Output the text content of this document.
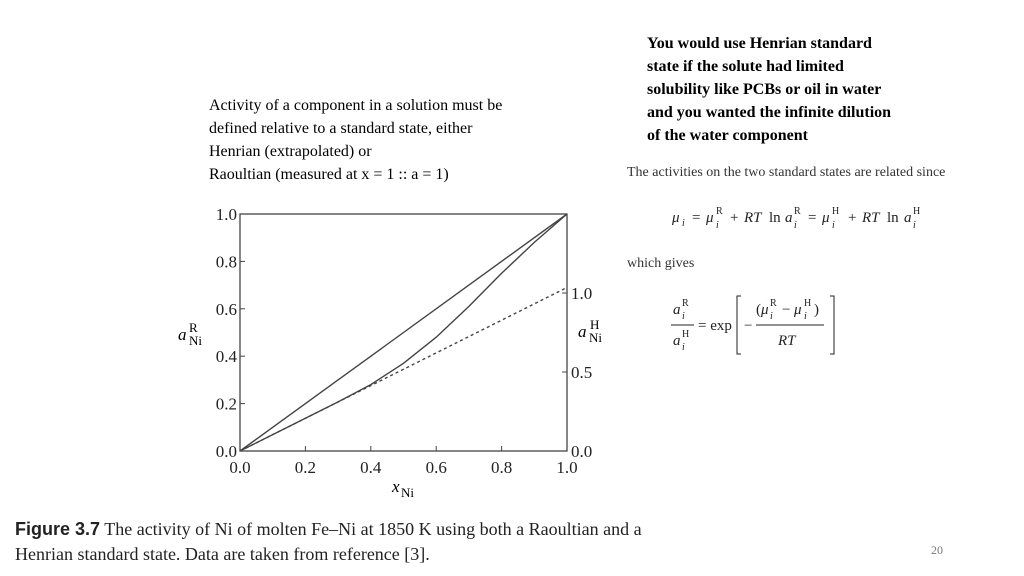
You would use Henrian standard
state if the solute had limited
solubility like PCBs or oil in water
and you wanted the infinite dilution
of the water component
Activity of a component in a solution must be
defined relative to a standard state, either
Henrian (extrapolated) or
Raoultian (measured at x = 1 :: a = 1)
0.0	0.2	0.4	0.6	0.8	1.0
0.0
0.2
0.4
0.6
0.8
1.0
0.0
0.5
1.0
a R
Ni	a H
Ni
x Ni
The activities on the two standard states are related since
μ i = μ R
i + RT ln a R
i = μ H
i + RT ln a H
i
which gives
a R
i
a H
i
= exp −
(μ R
i − μ H
i )
RT
Figure 3.7 The activity of Ni of molten Fe–Ni at 1850 K using both a Raoultian and a
Henrian standard state. Data are taken from reference [3].	20
